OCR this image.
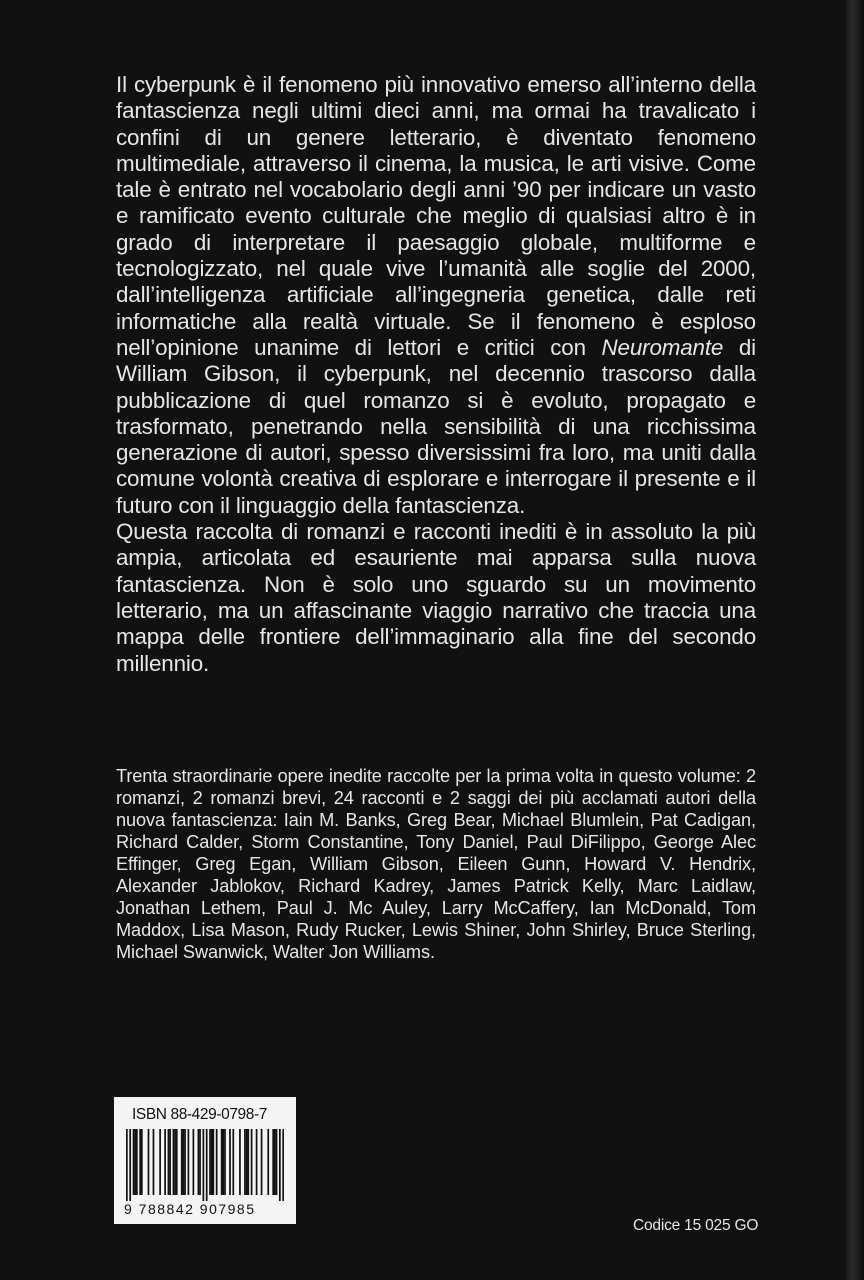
Il cyberpunk è il fenomeno più innovativo emerso all’interno della fantascienza negli ultimi dieci anni, ma ormai ha travalicato i confini di un genere letterario, è diventato fenomeno multimediale, attraverso il cinema, la musica, le arti visive. Come tale è entrato nel vocabolario degli anni ’90 per indicare un vasto e ramificato evento culturale che meglio di qualsiasi altro è in grado di interpretare il paesaggio globale, multiforme e tecnologizzato, nel quale vive l’umanità alle soglie del 2000, dall’intelligenza artificiale all’ingegneria genetica, dalle reti informatiche alla realtà virtuale. Se il fenomeno è esploso nell’opinione unanime di lettori e critici con Neuromante di William Gibson, il cyberpunk, nel decennio trascorso dalla pubblicazione di quel romanzo si è evoluto, propagato e trasformato, penetrando nella sensibilità di una ricchissima generazione di autori, spesso diversissimi fra loro, ma uniti dalla comune volontà creativa di esplorare e interrogare il presente e il futuro con il linguaggio della fantascienza.

Questa raccolta di romanzi e racconti inediti è in assoluto la più ampia, articolata ed esauriente mai apparsa sulla nuova fantascienza. Non è solo uno sguardo su un movimento letterario, ma un affascinante viaggio narrativo che traccia una mappa delle frontiere dell’immaginario alla fine del secondo millennio.

Trenta straordinarie opere inedite raccolte per la prima volta in questo volume: 2 romanzi, 2 romanzi brevi, 24 racconti e 2 saggi dei più acclamati autori della nuova fantascienza: Iain M. Banks, Greg Bear, Michael Blumlein, Pat Cadigan, Richard Calder, Storm Constantine, Tony Daniel, Paul DiFilippo, George Alec Effinger, Greg Egan, William Gibson, Eileen Gunn, Howard V. Hendrix, Alexander Jablokov, Richard Kadrey, James Patrick Kelly, Marc Laidlaw, Jonathan Lethem, Paul J. Mc Auley, Larry McCaffery, Ian McDonald, Tom Maddox, Lisa Mason, Rudy Rucker, Lewis Shiner, John Shirley, Bruce Sterling, Michael Swanwick, Walter Jon Williams.

ISBN 88-429-0798-7
9 788842 907985
Codice 15 025 GO
